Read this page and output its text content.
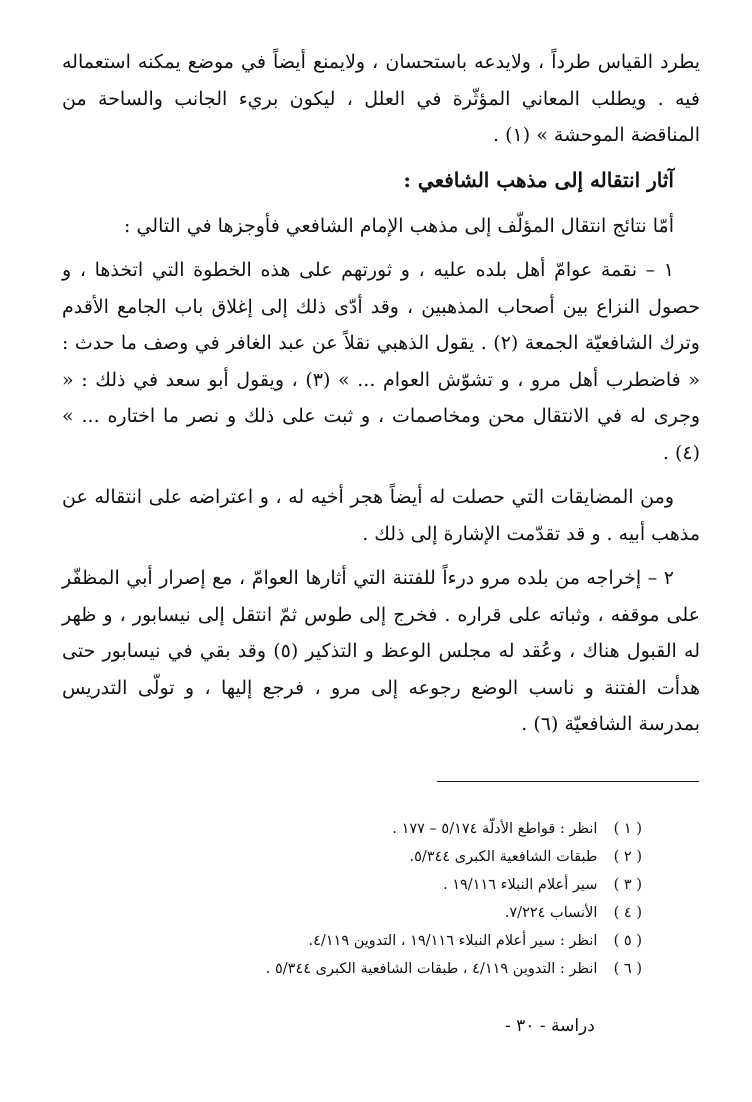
يطرد القياس طرداً ، ولايدعه باستحسان ، ولايمنع أيضاً في موضع يمكنه استعماله فيه . ويطلب المعاني المؤثّرة في العلل ، ليكون بريء الجانب والساحة من المناقضة الموحشة » (١) .

آثار انتقاله إلى مذهب الشافعي :

أمّا نتائج انتقال المؤلّف إلى مذهب الإمام الشافعي فأوجزها في التالي :

١ – نقمة عوامّ أهل بلده عليه ، و ثورتهم على هذه الخطوة التي اتخذها ، و حصول النزاع بين أصحاب المذهبين ، وقد أدّى ذلك إلى إغلاق باب الجامع الأقدم وترك الشافعيّة الجمعة (٢) . يقول الذهبي نقلاً عن عبد الغافر في وصف ما حدث : « فاضطرب أهل مرو ، و تشوّش العوام ... » (٣) ، ويقول أبو سعد في ذلك : « وجرى له في الانتقال محن ومخاصمات ، و ثبت على ذلك و نصر ما اختاره ... » (٤) .

ومن المضايقات التي حصلت له أيضاً هجر أخيه له ، و اعتراضه على انتقاله عن مذهب أبيه . و قد تقدّمت الإشارة إلى ذلك .

٢ – إخراجه من بلده مرو درءاً للفتنة التي أثارها العوامّ ، مع إصرار أبي المظفّر على موقفه ، وثباته على قراره . فخرج إلى طوس ثمّ انتقل إلى نيسابور ، و ظهر له القبول هناك ، وعُقد له مجلس الوعظ و التذكير (٥) وقد بقي في نيسابور حتى هدأت الفتنة و ناسب الوضع رجوعه إلى مرو ، فرجع إليها ، و تولّى التدريس بمدرسة الشافعيّة (٦) .

( ١ ) انظر : قواطع الأدلّة ٥/١٧٤ – ١٧٧ .
( ٢ ) طبقات الشافعية الكبرى ٥/٣٤٤.
( ٣ ) سير أعلام النبلاء ١٩/١١٦ .
( ٤ ) الأنساب ٧/٢٢٤.
( ٥ ) انظر : سير أعلام النبلاء ١٩/١١٦ ، التدوين ٤/١١٩.
( ٦ ) انظر : التدوين ٤/١١٩ ، طبقات الشافعية الكبرى ٥/٣٤٤ .
دراسة - ٣٠ -
